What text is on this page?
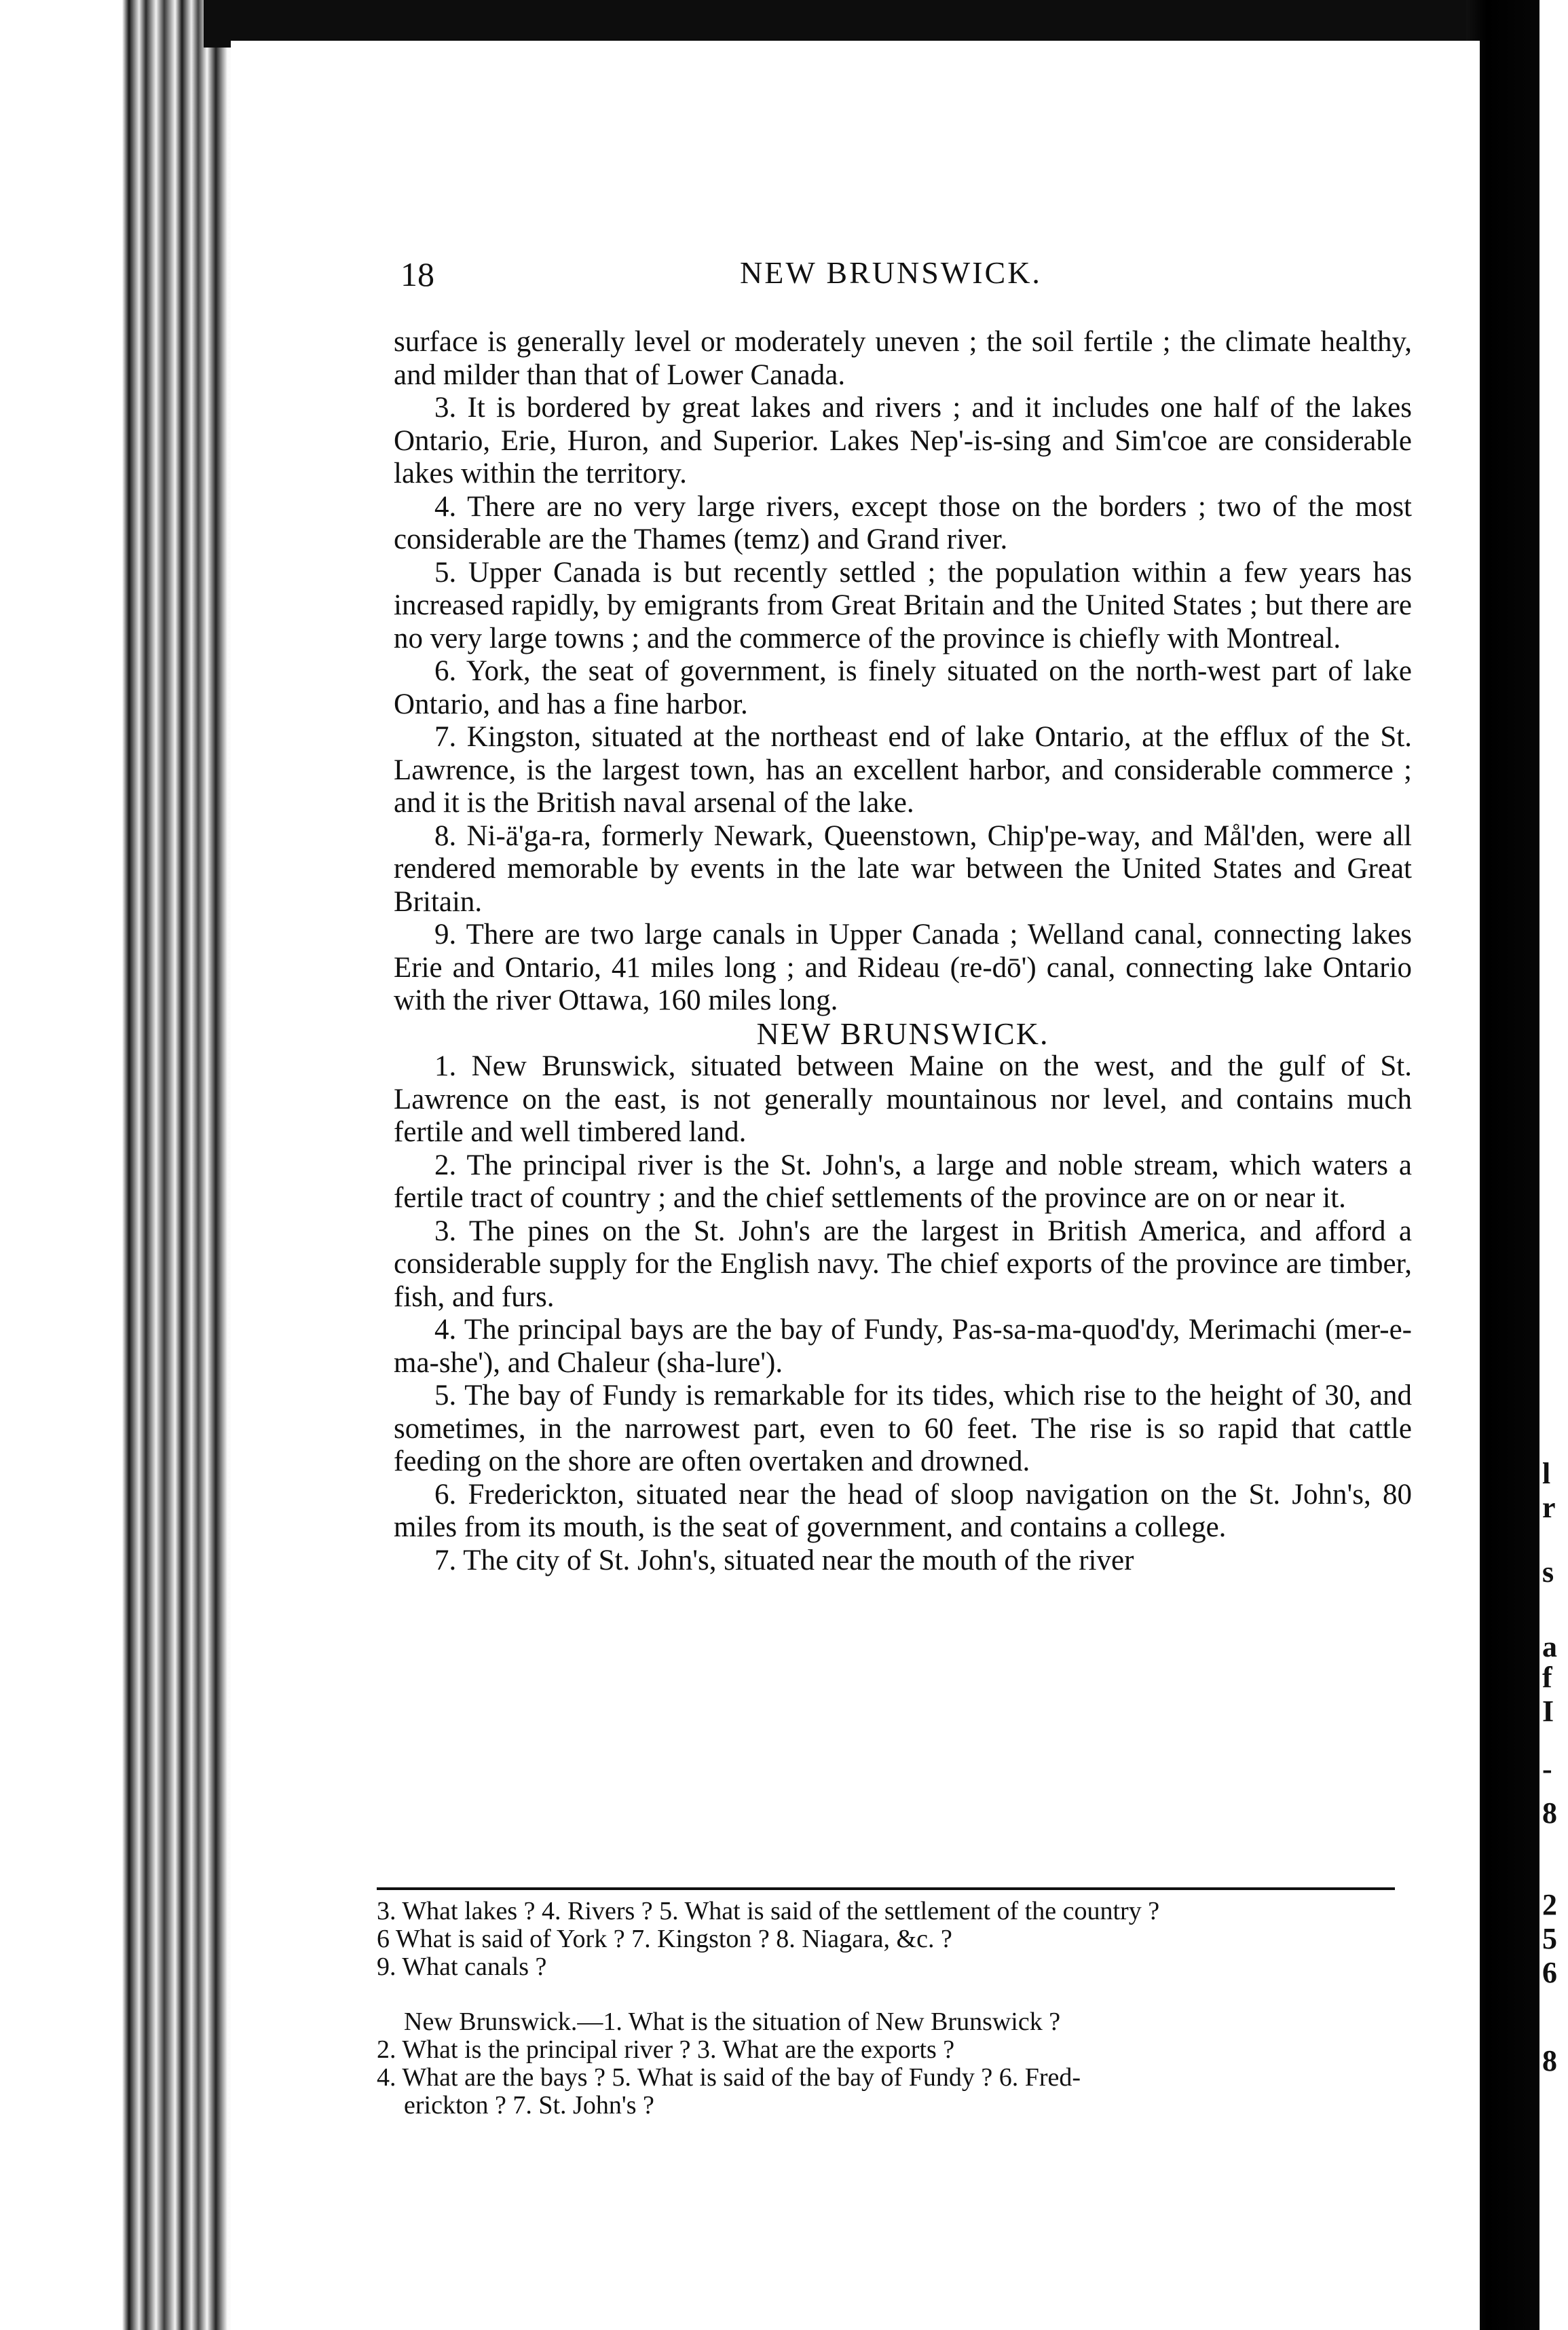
l
r
s
a
f
I
-
8
2
5
6
8
18	NEW BRUNSWICK.

surface is generally level or moderately uneven ; the soil fertile ; the climate healthy, and milder than that of Lower Canada.

3. It is bordered by great lakes and rivers ; and it includes one half of the lakes Ontario, Erie, Huron, and Superior. Lakes Nep'-is-sing and Sim'coe are considerable lakes within the territory.

4. There are no very large rivers, except those on the borders ; two of the most considerable are the Thames (temz) and Grand river.

5. Upper Canada is but recently settled ; the population within a few years has increased rapidly, by emigrants from Great Britain and the United States ; but there are no very large towns ; and the commerce of the province is chiefly with Montreal.

6. York, the seat of government, is finely situated on the north-west part of lake Ontario, and has a fine harbor.

7. Kingston, situated at the northeast end of lake Ontario, at the efflux of the St. Lawrence, is the largest town, has an excellent harbor, and considerable commerce ; and it is the British naval arsenal of the lake.

8. Ni-ä'ga-ra, formerly Newark, Queenstown, Chip'pe-way, and Mål'den, were all rendered memorable by events in the late war between the United States and Great Britain.

9. There are two large canals in Upper Canada ; Welland canal, connecting lakes Erie and Ontario, 41 miles long ; and Rideau (re-dō') canal, connecting lake Ontario with the river Ottawa, 160 miles long.

NEW BRUNSWICK.

1. New Brunswick, situated between Maine on the west, and the gulf of St. Lawrence on the east, is not generally mountainous nor level, and contains much fertile and well timbered land.

2. The principal river is the St. John's, a large and noble stream, which waters a fertile tract of country ; and the chief settlements of the province are on or near it.

3. The pines on the St. John's are the largest in British America, and afford a considerable supply for the English navy. The chief exports of the province are timber, fish, and furs.

4. The principal bays are the bay of Fundy, Pas-sa-ma-quod'dy, Merimachi (mer-e-ma-she'), and Chaleur (sha-lure').

5. The bay of Fundy is remarkable for its tides, which rise to the height of 30, and sometimes, in the narrowest part, even to 60 feet. The rise is so rapid that cattle feeding on the shore are often overtaken and drowned.

6. Frederickton, situated near the head of sloop navigation on the St. John's, 80 miles from its mouth, is the seat of government, and contains a college.

7. The city of St. John's, situated near the mouth of the river

3. What lakes ? 4. Rivers ? 5. What is said of the settlement of the country ?
6 What is said of York ? 7. Kingston ? 8. Niagara, &c. ?
9. What canals ?
New Brunswick.—1. What is the situation of New Brunswick ?
2. What is the principal river ? 3. What are the exports ?
4. What are the bays ? 5. What is said of the bay of Fundy ? 6. Fred-
erickton ? 7. St. John's ?
